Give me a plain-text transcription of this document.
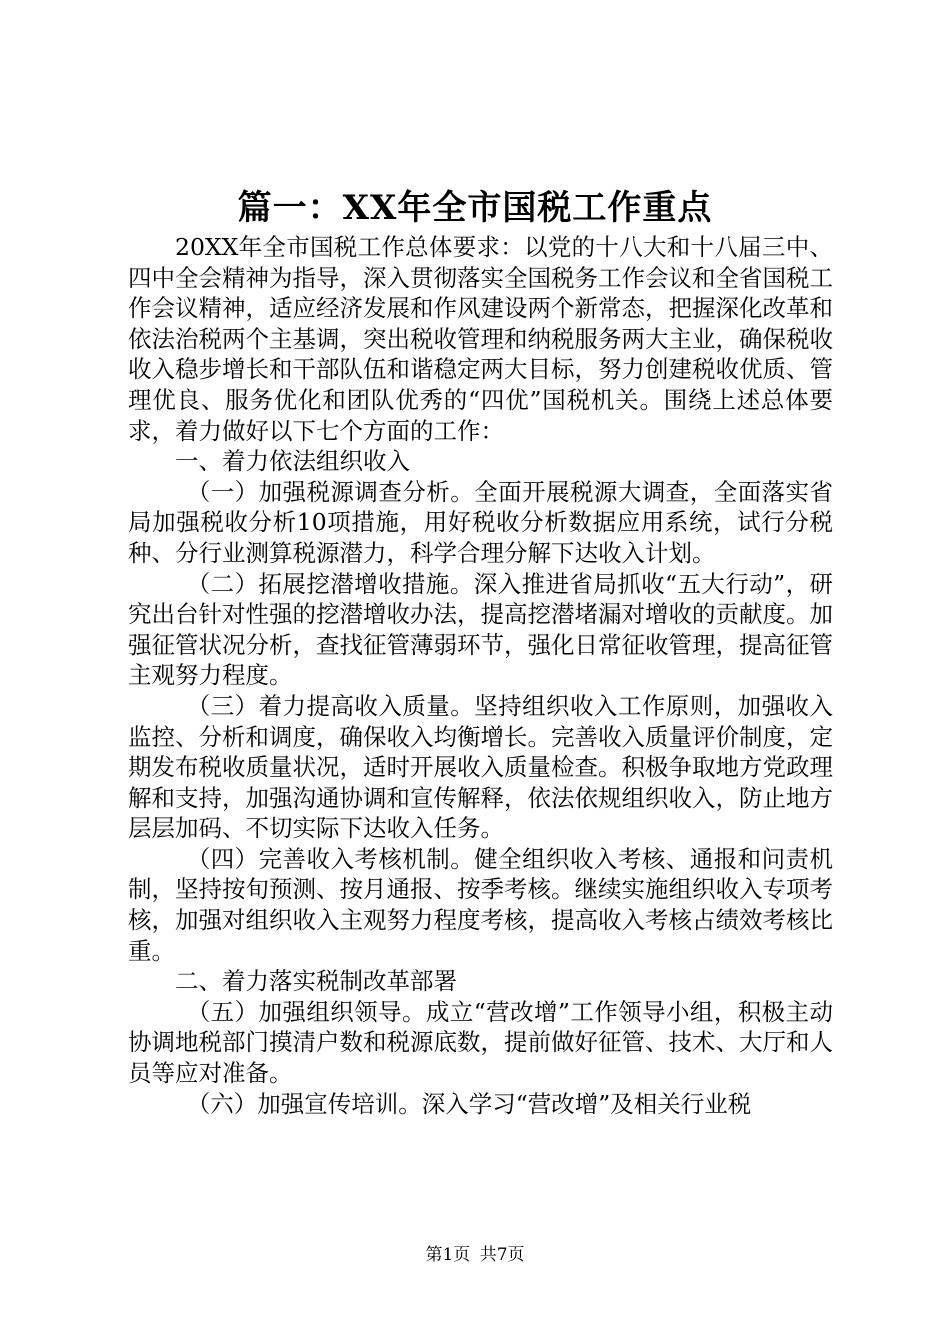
篇一：XX年全市国税工作重点

20XX年全市国税工作总体要求：以党的十八大和十八届三中、四中全会精神为指导，深入贯彻落实全国税务工作会议和全省国税工作会议精神，适应经济发展和作风建设两个新常态，把握深化改革和依法治税两个主基调，突出税收管理和纳税服务两大主业，确保税收收入稳步增长和干部队伍和谐稳定两大目标，努力创建税收优质、管理优良、服务优化和团队优秀的“四优”国税机关。围绕上述总体要求，着力做好以下七个方面的工作：

一、着力依法组织收入

（一）加强税源调查分析。全面开展税源大调查，全面落实省局加强税收分析10项措施，用好税收分析数据应用系统，试行分税种、分行业测算税源潜力，科学合理分解下达收入计划。

（二）拓展挖潜增收措施。深入推进省局抓收“五大行动”，研究出台针对性强的挖潜增收办法，提高挖潜堵漏对增收的贡献度。加强征管状况分析，查找征管薄弱环节，强化日常征收管理，提高征管主观努力程度。

（三）着力提高收入质量。坚持组织收入工作原则，加强收入监控、分析和调度，确保收入均衡增长。完善收入质量评价制度，定期发布税收质量状况，适时开展收入质量检查。积极争取地方党政理解和支持，加强沟通协调和宣传解释，依法依规组织收入，防止地方层层加码、不切实际下达收入任务。

（四）完善收入考核机制。健全组织收入考核、通报和问责机制，坚持按旬预测、按月通报、按季考核。继续实施组织收入专项考核，加强对组织收入主观努力程度考核，提高收入考核占绩效考核比重。

二、着力落实税制改革部署

（五）加强组织领导。成立“营改增”工作领导小组，积极主动协调地税部门摸清户数和税源底数，提前做好征管、技术、大厅和人员等应对准备。

（六）加强宣传培训。深入学习“营改增”及相关行业税

第1页 共7页
